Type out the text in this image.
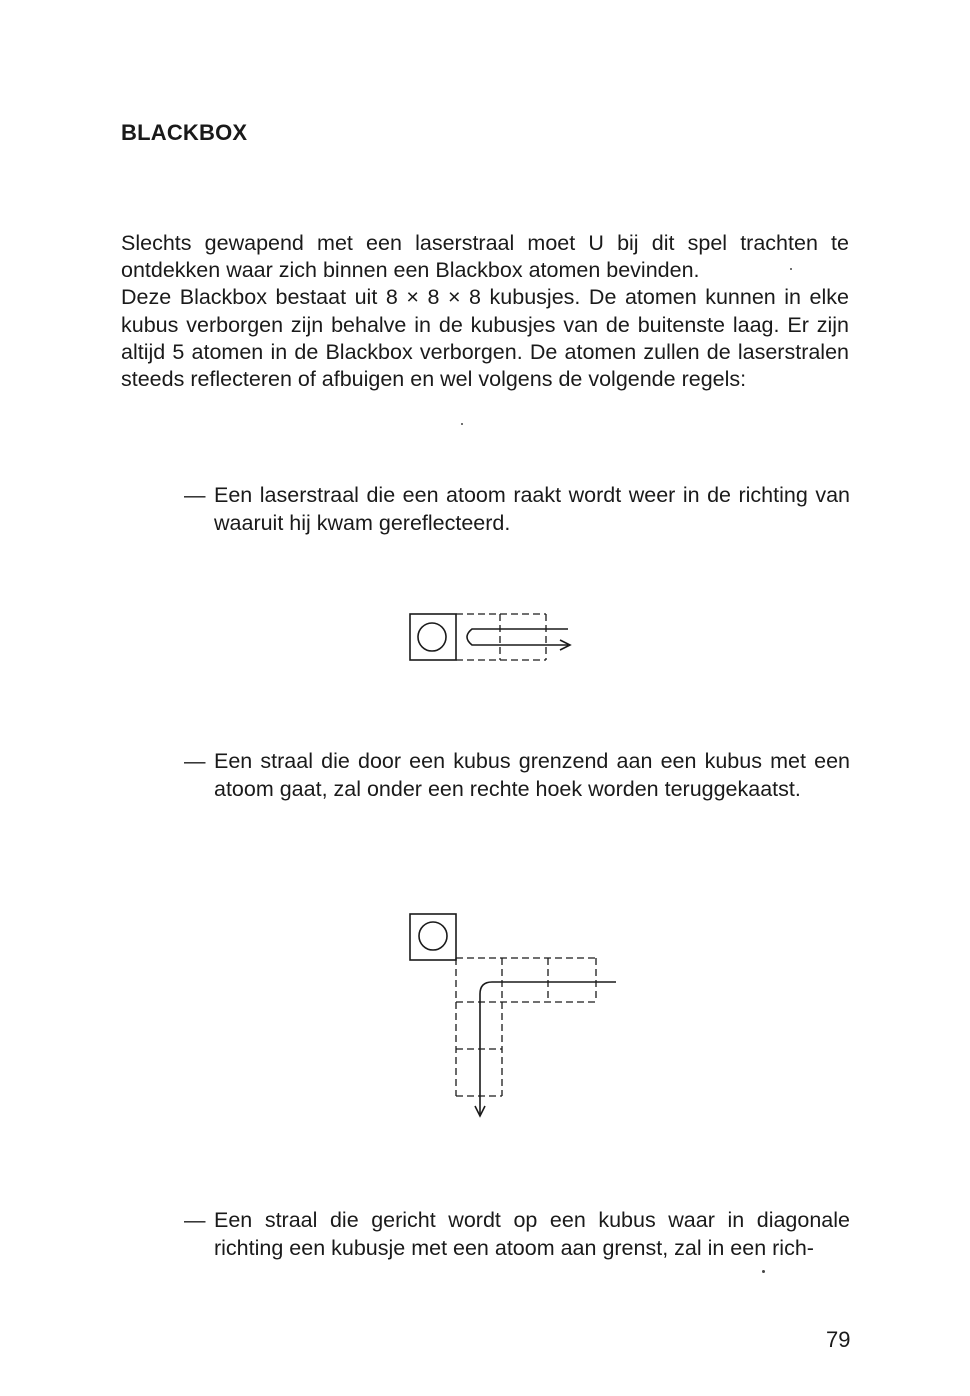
BLACKBOX

Slechts gewapend met een laserstraal moet U bij dit spel trachten te ontdekken waar zich binnen een Blackbox atomen bevinden.

Deze Blackbox bestaat uit 8 × 8 × 8 kubusjes. De atomen kunnen in elke kubus verborgen zijn behalve in de kubusjes van de buitenste laag. Er zijn altijd 5 atomen in de Blackbox verborgen. De atomen zullen de laserstralen steeds reflecteren of afbuigen en wel volgens de volgende regels:

— Een laserstraal die een atoom raakt wordt weer in de richting van waaruit hij kwam gereflecteerd.
— Een straal die door een kubus grenzend aan een kubus met een atoom gaat, zal onder een rechte hoek worden teruggekaatst.
— Een straal die gericht wordt op een kubus waar in diagonale richting een kubusje met een atoom aan grenst, zal in een rich-

79
